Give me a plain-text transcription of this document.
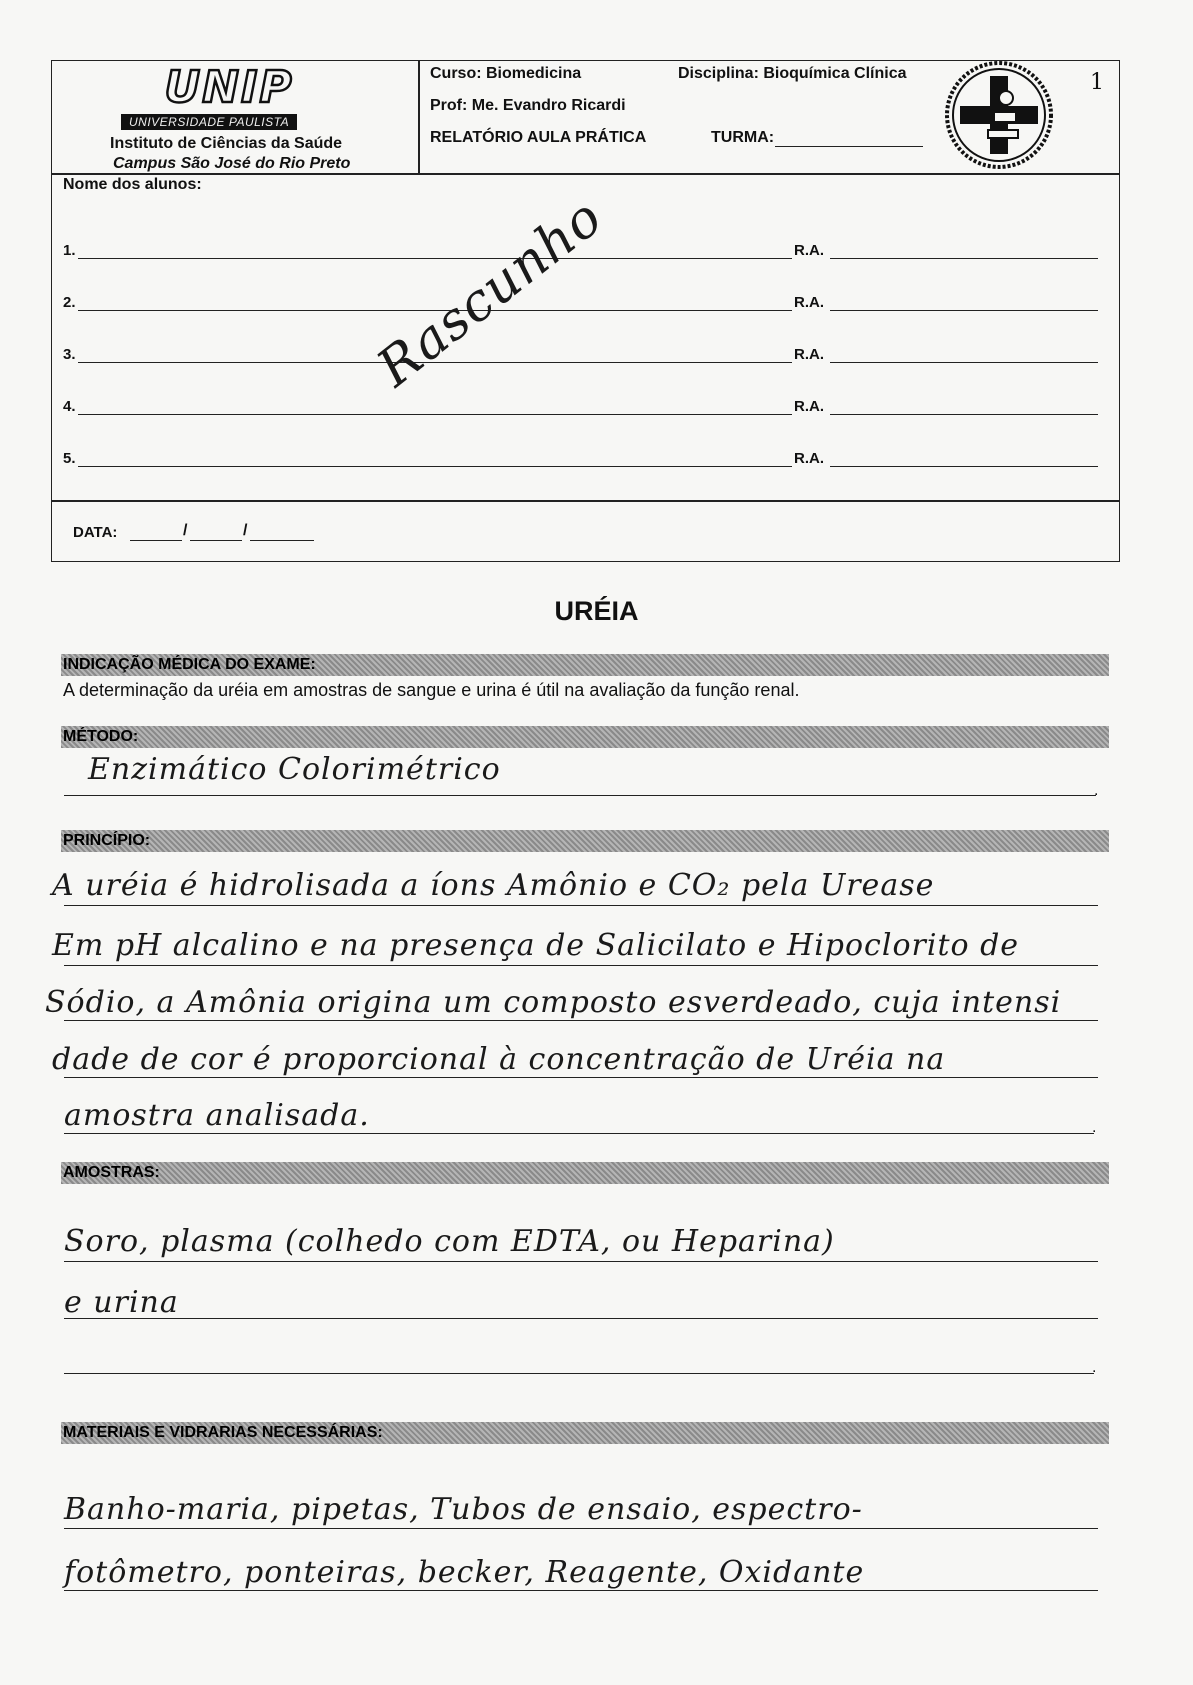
UNIP
UNIVERSIDADE PAULISTA
Instituto de Ciências da Saúde
Campus São José do Rio Preto
Curso: Biomedicina	Disciplina: Bioquímica Clínica
Prof: Me. Evandro Ricardi
RELATÓRIO AULA PRÁTICA	TURMA:
1
Nome dos alunos:
1.	R.A.
2.	R.A.
3.	R.A.
4.	R.A.
5.	R.A.
Rascunho
DATA:	/	/
URÉIA
INDICAÇÃO MÉDICA DO EXAME:
A determinação da uréia em amostras de sangue e urina é útil na avaliação da função renal.
MÉTODO:
Enzimático Colorimétrico
.
PRINCÍPIO:
A uréia é hidrolisada a íons Amônio e CO₂ pela Urease
Em pH alcalino e na presença de Salicilato e Hipoclorito de
Sódio, a Amônia origina um composto esverdeado, cuja intensi
dade de cor é proporcional à concentração de Uréia na
amostra analisada.	.
AMOSTRAS:
Soro, plasma (colhedo com EDTA, ou Heparina)
e urina
.
MATERIAIS E VIDRARIAS NECESSÁRIAS:
Banho-maria, pipetas, Tubos de ensaio, espectro-
fotômetro, ponteiras, becker, Reagente, Oxidante
